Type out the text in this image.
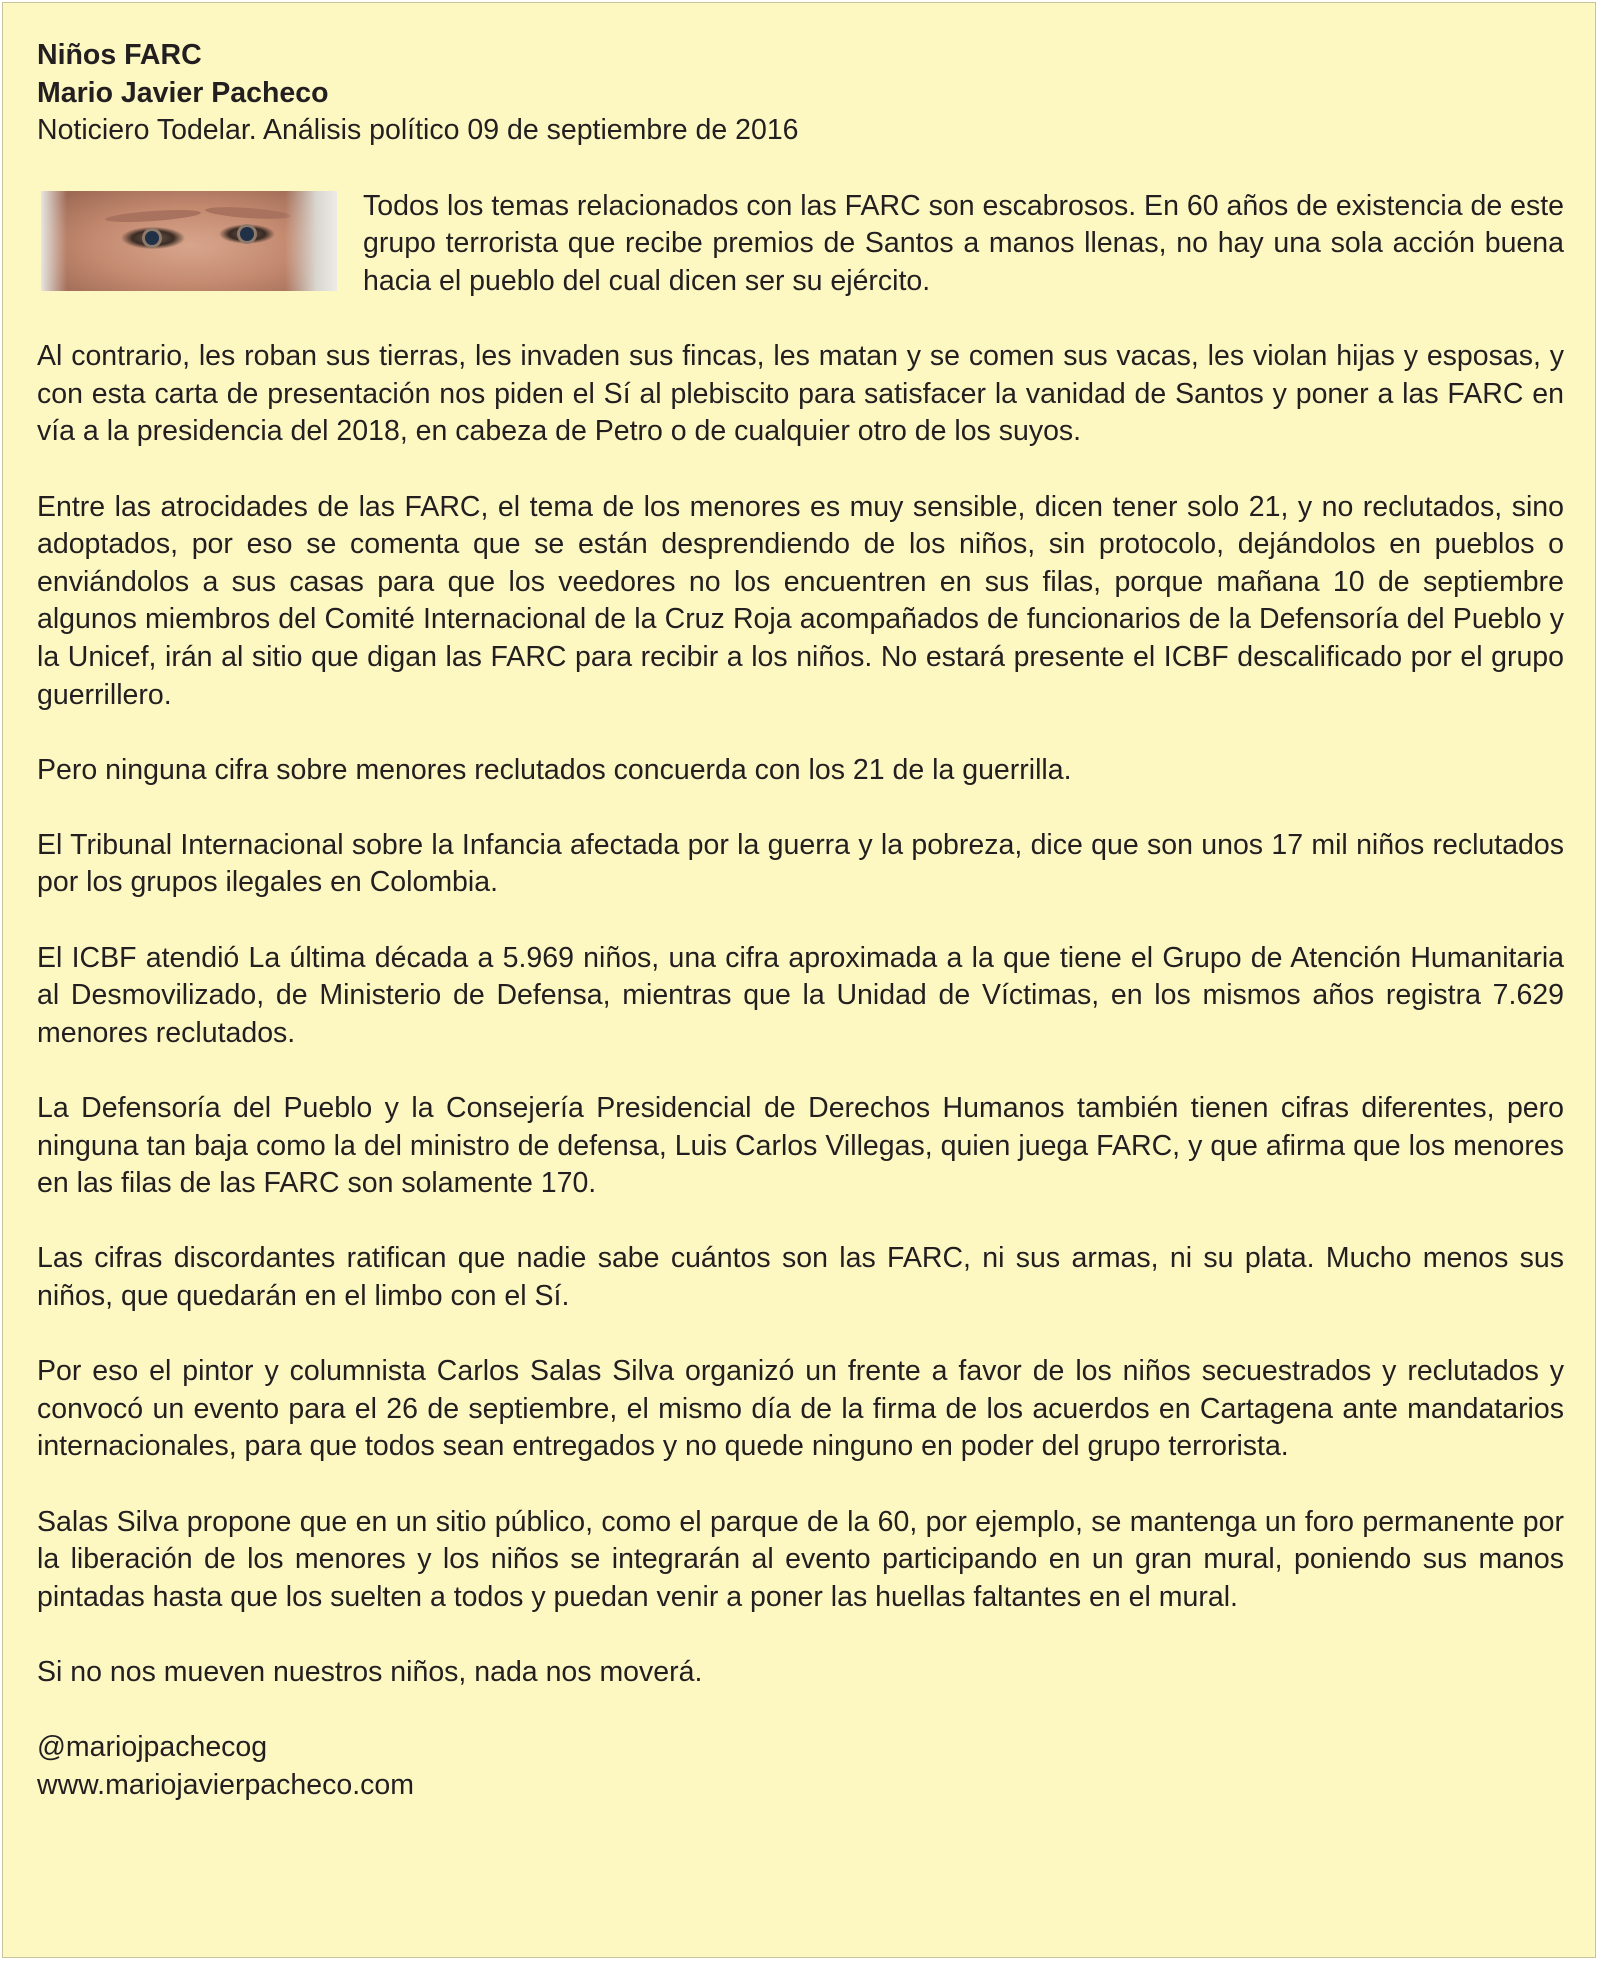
Niños FARC

Mario Javier Pacheco

Noticiero Todelar. Análisis político 09 de septiembre de 2016

Todos los temas relacionados con las FARC son escabrosos. En 60 años de existencia de este grupo terrorista que recibe premios de Santos a manos llenas, no hay una sola acción buena hacia el pueblo del cual dicen ser su ejército.

Al contrario, les roban sus tierras, les invaden sus fincas, les matan y se comen sus vacas, les violan hijas y esposas, y con esta carta de presentación nos piden el Sí al plebiscito para satisfacer la vanidad de Santos y poner a las FARC en vía a la presidencia del 2018, en cabeza de Petro o de cualquier otro de los suyos.

Entre las atrocidades de las FARC, el tema de los menores es muy sensible, dicen tener solo 21, y no reclutados, sino adoptados, por eso se comenta que se están desprendiendo de los niños, sin protocolo, dejándolos en pueblos o enviándolos a sus casas para que los veedores no los encuentren en sus filas, porque mañana 10 de septiembre algunos miembros del Comité Internacional de la Cruz Roja acompañados de funcionarios de la Defensoría del Pueblo y la Unicef, irán al sitio que digan las FARC para recibir a los niños. No estará presente el ICBF descalificado por el grupo guerrillero.

Pero ninguna cifra sobre menores reclutados concuerda con los 21 de la guerrilla.

El Tribunal Internacional sobre la Infancia afectada por la guerra y la pobreza, dice que son unos 17 mil niños reclutados por los grupos ilegales en Colombia.

El ICBF atendió La última década a 5.969 niños, una cifra aproximada a la que tiene el Grupo de Atención Humanitaria al Desmovilizado, de Ministerio de Defensa, mientras que la Unidad de Víctimas, en los mismos años registra 7.629 menores reclutados.

La Defensoría del Pueblo y la Consejería Presidencial de Derechos Humanos también tienen cifras diferentes, pero ninguna tan baja como la del ministro de defensa, Luis Carlos Villegas, quien juega FARC, y que afirma que los menores en las filas de las FARC son solamente 170.

Las cifras discordantes ratifican que nadie sabe cuántos son las FARC, ni sus armas, ni su plata. Mucho menos sus niños, que quedarán en el limbo con el Sí.

Por eso el pintor y columnista Carlos Salas Silva organizó un frente a favor de los niños secuestrados y reclutados y convocó un evento para el 26 de septiembre, el mismo día de la firma de los acuerdos en Cartagena ante mandatarios internacionales, para que todos sean entregados y no quede ninguno en poder del grupo terrorista.

Salas Silva propone que en un sitio público, como el parque de la 60, por ejemplo, se mantenga un foro permanente por la liberación de los menores y los niños se integrarán al evento participando en un gran mural, poniendo sus manos pintadas hasta que los suelten a todos y puedan venir a poner las huellas faltantes en el mural.

Si no nos mueven nuestros niños, nada nos moverá.

@mariojpachecog

www.mariojavierpacheco.com
